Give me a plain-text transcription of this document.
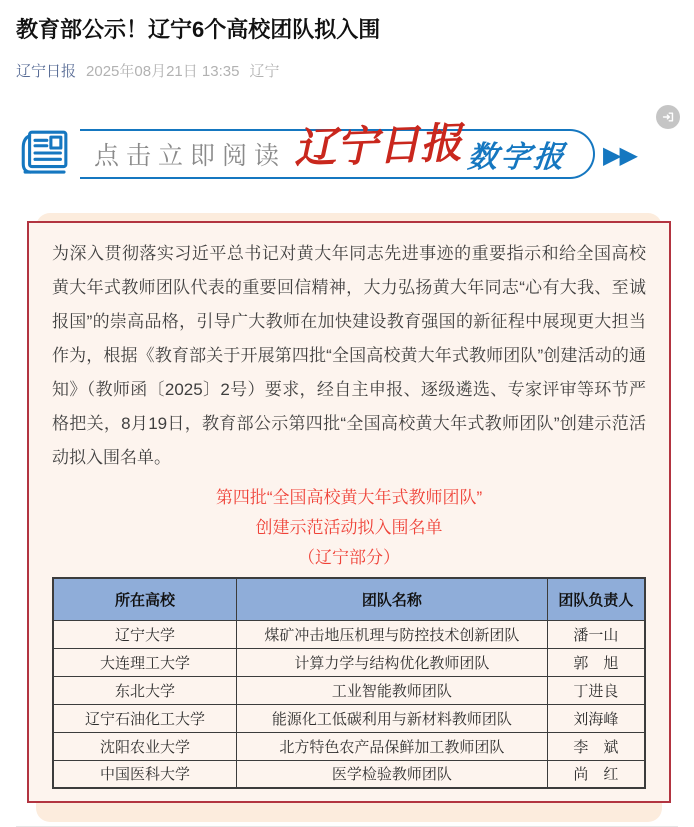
教育部公示！辽宁6个高校团队拟入围
辽宁日报 2025年08月21日 13:35 辽宁
点击立即阅读 辽宁日报 数字报 ▶▶

为深入贯彻落实习近平总书记对黄大年同志先进事迹的重要指示和给全国高校黄大年式教师团队代表的重要回信精神，大力弘扬黄大年同志“心有大我、至诚报国”的崇高品格，引导广大教师在加快建设教育强国的新征程中展现更大担当作为，根据《教育部关于开展第四批“全国高校黄大年式教师团队”创建活动的通知》（教师函〔2025〕2号）要求，经自主申报、逐级遴选、专家评审等环节严格把关，8月19日，教育部公示第四批“全国高校黄大年式教师团队”创建示范活动拟入围名单。

第四批“全国高校黄大年式教师团队”
创建示范活动拟入围名单
（辽宁部分）
所在高校	团队名称	团队负责人
辽宁大学	煤矿冲击地压机理与防控技术创新团队	潘一山
大连理工大学	计算力学与结构优化教师团队	郭　旭
东北大学	工业智能教师团队	丁进良
辽宁石油化工大学	能源化工低碳利用与新材料教师团队	刘海峰
沈阳农业大学	北方特色农产品保鲜加工教师团队	李　斌
中国医科大学	医学检验教师团队	尚　红
